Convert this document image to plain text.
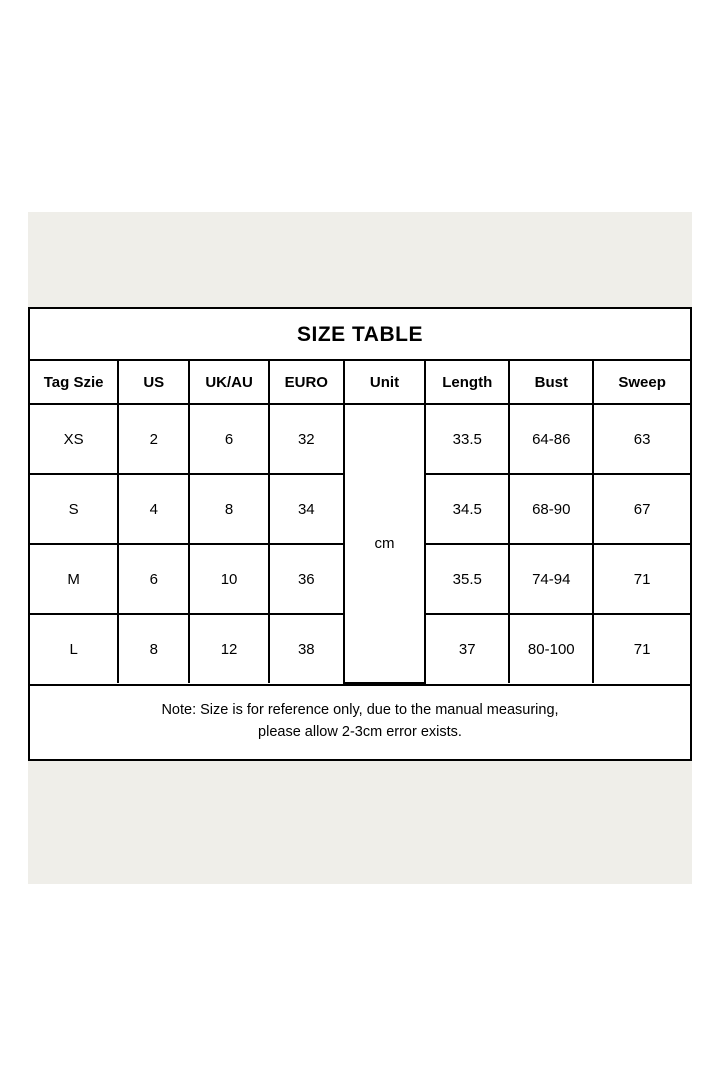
SIZE TABLE
Tag Szie	US	UK/AU	EURO	Unit	Length	Bust	Sweep
XS	2	6	32	cm	33.5	64-86	63
S	4	8	34		34.5	68-90	67
M	6	10	36		35.5	74-94	71
L	8	12	38		37	80-100	71
Note: Size is for reference only, due to the manual measuring,
please allow 2-3cm error exists.
